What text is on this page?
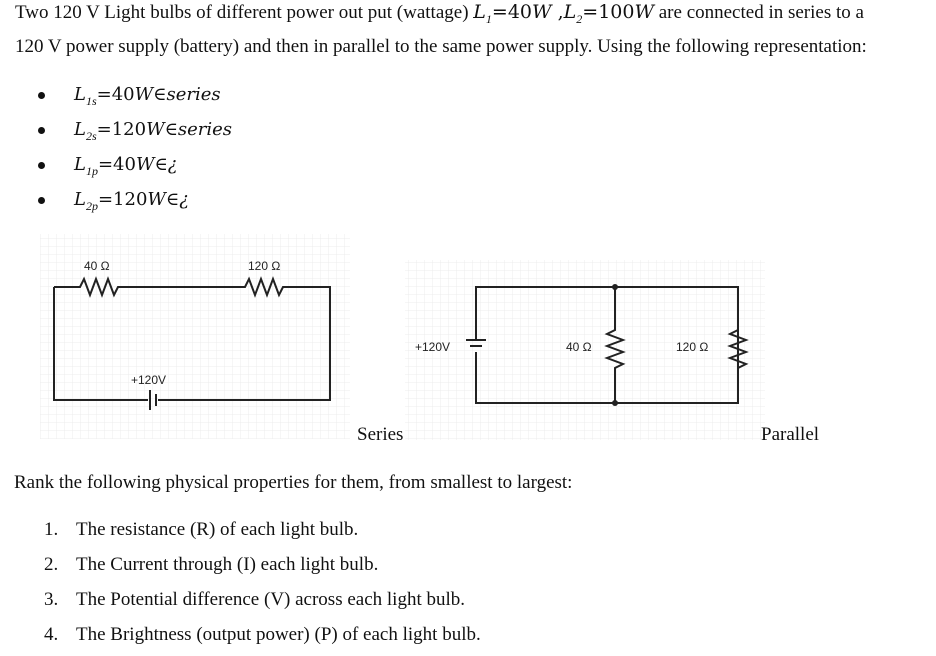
Two 120 V Light bulbs of different power out put (wattage) $L_1=40W$ $,L_2=100W$ are connected in series to a
120 V power supply (battery) and then in parallel to the same power supply. Using the following representation:
$L_{1s}=40W\in series$
$L_{2s}=120W\in series$
$L_{1p}=40W\in¿$
$L_{2p}=120W\in¿$
40 Ω	120 Ω
+120V
+120V	40 Ω	120 Ω
Series	Parallel
Rank the following physical properties for them, from smallest to largest:
1. The resistance (R) of each light bulb.
2. The Current through (I) each light bulb.
3. The Potential difference (V) across each light bulb.
4. The Brightness (output power) (P) of each light bulb.
